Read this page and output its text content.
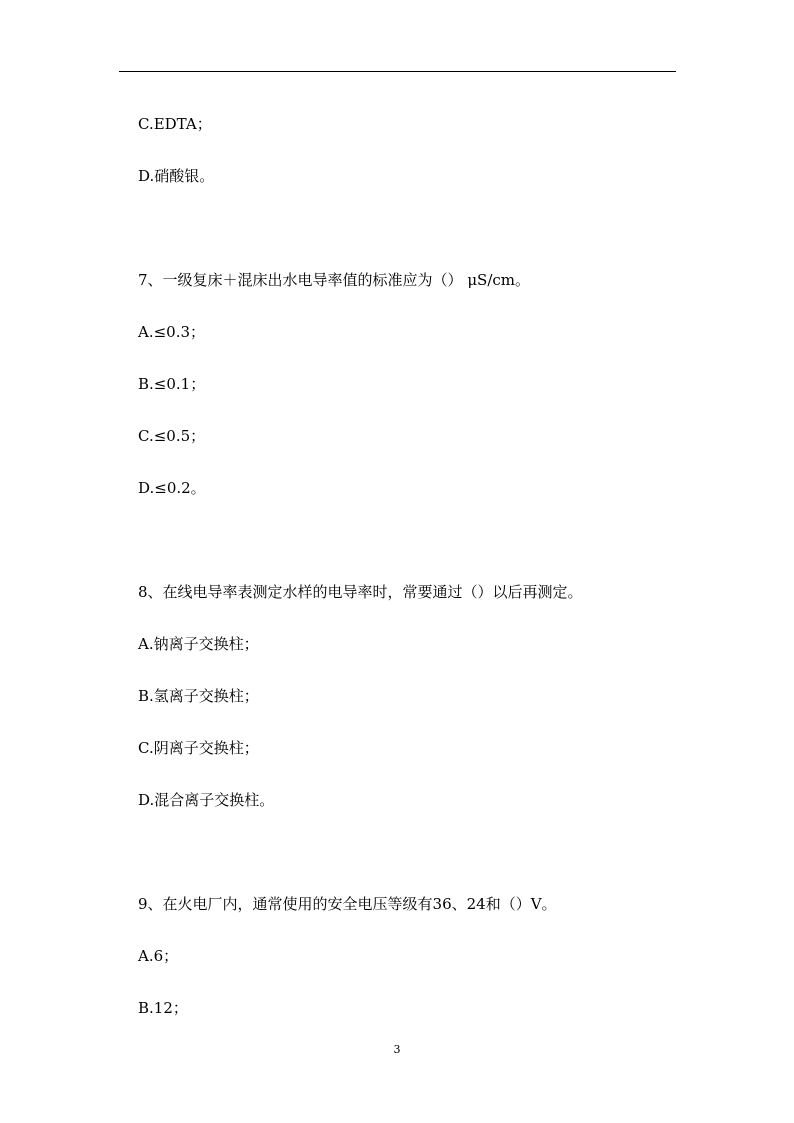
C.EDTA；
D.硝酸银。
7、一级复床＋混床出水电导率值的标准应为（） μS/cm。
A.≤0.3；
B.≤0.1；
C.≤0.5；
D.≤0.2。
8、在线电导率表测定水样的电导率时，常要通过（）以后再测定。
A.钠离子交换柱；
B.氢离子交换柱；
C.阴离子交换柱；
D.混合离子交换柱。
9、在火电厂内，通常使用的安全电压等级有36、24和（）V。
A.6；
B.12；
3
